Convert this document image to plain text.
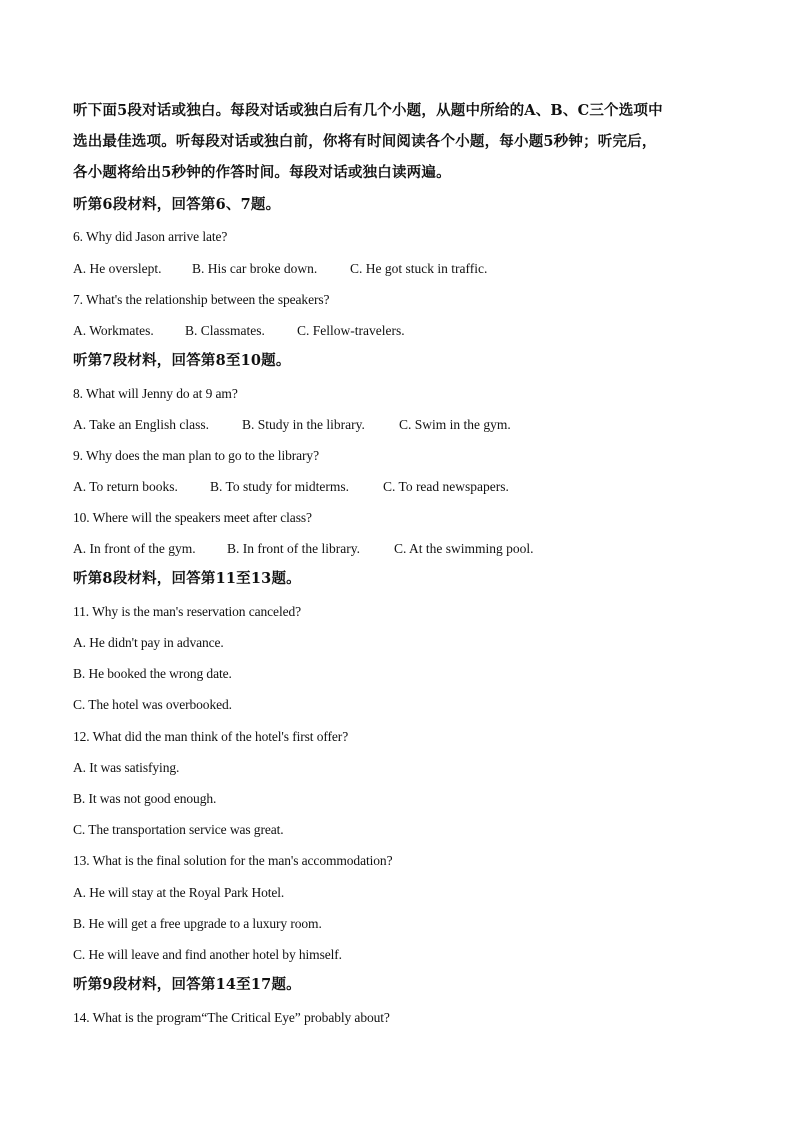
听下面5段对话或独白。每段对话或独白后有几个小题，从题中所给的A、B、C三个选项中
选出最佳选项。听每段对话或独白前，你将有时间阅读各个小题，每小题5秒钟；听完后，
各小题将给出5秒钟的作答时间。每段对话或独白读两遍。
听第6段材料，回答第6、7题。
6. Why did Jason arrive late?
A. He overslept. B. His car broke down. C. He got stuck in traffic.
7. What's the relationship between the speakers?
A. Workmates. B. Classmates. C. Fellow-travelers.
听第7段材料，回答第8至10题。
8. What will Jenny do at 9 am?
A. Take an English class. B. Study in the library.	C. Swim in the gym.
9. Why does the man plan to go to the library?
A. To return books. B. To study for midterms.	C. To read newspapers.
10. Where will the speakers meet after class?
A. In front of the gym. B. In front of the library.	C. At the swimming pool.
听第8段材料，回答第11至13题。
11. Why is the man's reservation canceled?
A. He didn't pay in advance.
B. He booked the wrong date.
C. The hotel was overbooked.
12. What did the man think of the hotel's first offer?
A. It was satisfying.
B. It was not good enough.
C. The transportation service was great.
13. What is the final solution for the man's accommodation?
A. He will stay at the Royal Park Hotel.
B. He will get a free upgrade to a luxury room.
C. He will leave and find another hotel by himself.
听第9段材料，回答第14至17题。
14. What is the program“The Critical Eye” probably about?
